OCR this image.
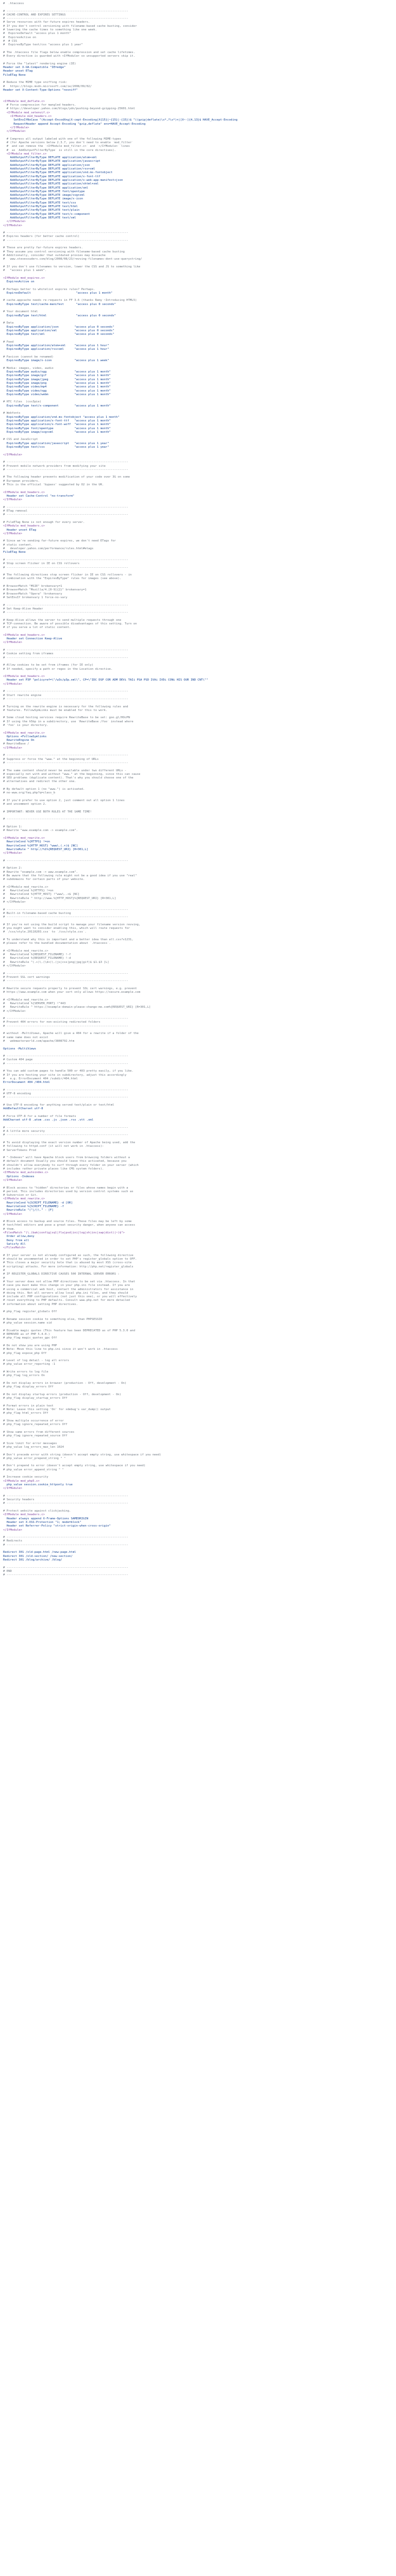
#  .htaccess
# ----------------------------------------------------------------------
# CACHE-CONTROL AND EXPIRES SETTINGS
# ----------------------------------------------------------------------
# Serve resources with far-future expires headers.
# If you don't control versioning with filename-based cache busting, consider
# lowering the cache times to something like one week.
#  ExpiresDefault "access plus 1 month"
#  ExpiresActive on
#  # CSS
#  ExpiresByType text/css "access plus 1 year"
# The .htaccess file flags below enable compression and set cache lifetimes.
# Every directive is guarded with <IfModule> so unsupported servers skip it.
# Force the "latest" rendering engine (IE)
Header set X-UA-Compatible "IE=edge"
Header unset ETag
FileETag None
# Reduce the MIME type sniffing risk:
#   https://blogs.msdn.microsoft.com/ie/2008/09/02/
Header set X-Content-Type-Options "nosniff"
<IfModule mod_deflate.c>
# Force compression for mangled headers.
# https://developer.yahoo.com/blogs/ydn/pushing-beyond-gzipping-25601.html
<IfModule mod_setenvif.c>
<IfModule mod_headers.c>
SetEnvIfNoCase ^(Accept-EncodXng|X-cept-Encoding|X{15}|~{15}|-{15})$ ^((gzip|deflate)\s*,?\s*)+|[X~-]{4,13}$ HAVE_Accept-Encoding
RequestHeader append Accept-Encoding "gzip,deflate" env=HAVE_Accept-Encoding
</IfModule>
</IfModule>
# Compress all output labeled with one of the following MIME-types
# (for Apache versions below 2.3.7, you don't need to enable `mod_filter`
#  and can remove the `<IfModule mod_filter.c>` and `</IfModule>` lines
#  as `AddOutputFilterByType` is still in the core directives).
<IfModule mod_filter.c>
AddOutputFilterByType DEFLATE application/atom+xml
AddOutputFilterByType DEFLATE application/javascript
AddOutputFilterByType DEFLATE application/json
AddOutputFilterByType DEFLATE application/rss+xml
AddOutputFilterByType DEFLATE application/vnd.ms-fontobject
AddOutputFilterByType DEFLATE application/x-font-ttf
AddOutputFilterByType DEFLATE application/x-web-app-manifest+json
AddOutputFilterByType DEFLATE application/xhtml+xml
AddOutputFilterByType DEFLATE application/xml
AddOutputFilterByType DEFLATE font/opentype
AddOutputFilterByType DEFLATE image/svg+xml
AddOutputFilterByType DEFLATE image/x-icon
AddOutputFilterByType DEFLATE text/css
AddOutputFilterByType DEFLATE text/html
AddOutputFilterByType DEFLATE text/plain
AddOutputFilterByType DEFLATE text/x-component
AddOutputFilterByType DEFLATE text/xml
</IfModule>
</IfModule>
# ----------------------------------------------------------------------
# Expires headers (for better cache control)
# ----------------------------------------------------------------------
# These are pretty far-future expires headers.
# They assume you control versioning with filename-based cache busting
# Additionally, consider that outdated proxies may miscache
#   www.stevesouders.com/blog/2008/08/23/revving-filenames-dont-use-querystring/
# If you don't use filenames to version, lower the CSS and JS to something like
#   "access plus 1 week".
<IfModule mod_expires.c>
ExpiresActive on
# Perhaps better to whitelist expires rules? Perhaps.
ExpiresDefault                          "access plus 1 month"
# cache.appcache needs re-requests in FF 3.6 (thanks Remy ~Introducing HTML5)
ExpiresByType text/cache-manifest       "access plus 0 seconds"
# Your document html
ExpiresByType text/html                 "access plus 0 seconds"
# Data
ExpiresByType application/json         "access plus 0 seconds"
ExpiresByType application/xml          "access plus 0 seconds"
ExpiresByType text/xml                 "access plus 0 seconds"
# Feed
ExpiresByType application/atom+xml     "access plus 1 hour"
ExpiresByType application/rss+xml      "access plus 1 hour"
# Favicon (cannot be renamed)
ExpiresByType image/x-icon             "access plus 1 week"
# Media: images, video, audio
ExpiresByType audio/ogg                "access plus 1 month"
ExpiresByType image/gif                "access plus 1 month"
ExpiresByType image/jpeg               "access plus 1 month"
ExpiresByType image/png                "access plus 1 month"
ExpiresByType video/mp4                "access plus 1 month"
ExpiresByType video/ogg                "access plus 1 month"
ExpiresByType video/webm               "access plus 1 month"
# HTC files  (css3pie)
ExpiresByType text/x-component         "access plus 1 month"
# Webfonts
ExpiresByType application/vnd.ms-fontobject "access plus 1 month"
ExpiresByType application/x-font-ttf   "access plus 1 month"
ExpiresByType application/x-font-woff  "access plus 1 month"
ExpiresByType font/opentype            "access plus 1 month"
ExpiresByType image/svg+xml            "access plus 1 month"
# CSS and JavaScript
ExpiresByType application/javascript   "access plus 1 year"
ExpiresByType text/css                 "access plus 1 year"
</IfModule>
# ----------------------------------------------------------------------
# Prevent mobile network providers from modifying your site
# ----------------------------------------------------------------------
# The following header prevents modification of your code over 3G on some
# European providers.
# This is the official 'bypass' suggested by O2 in the UK.
<IfModule mod_headers.c>
Header set Cache-Control "no-transform"
</IfModule>
# ----------------------------------------------------------------------
# ETag removal
# ----------------------------------------------------------------------
# FileETag None is not enough for every server.
<IfModule mod_headers.c>
Header unset ETag
</IfModule>
# Since we're sending far-future expires, we don't need ETags for
# static content.
#   developer.yahoo.com/performance/rules.html#etags
FileETag None
# ----------------------------------------------------------------------
# Stop screen flicker in IE on CSS rollovers
# ----------------------------------------------------------------------
# The following directives stop screen flicker in IE on CSS rollovers - in
# combination with the "ExpiresByType" rules for images (see above).
# BrowserMatch "MSIE" brokenvary=1
# BrowserMatch "Mozilla/4.[0-9]{2}" brokenvary=1
# BrowserMatch "Opera" !brokenvary
# SetEnvIf brokenvary 1 force-no-vary
# ----------------------------------------------------------------------
# Set Keep-Alive Header
# ----------------------------------------------------------------------
# Keep-Alive allows the server to send multiple requests through one
# TCP-connection. Be aware of possible disadvantages of this setting. Turn on
# if you serve a lot of static content.
<IfModule mod_headers.c>
Header set Connection Keep-Alive
</IfModule>
# ----------------------------------------------------------------------
# Cookie setting from iframes
# ----------------------------------------------------------------------
# Allow cookies to be set from iframes (for IE only)
# If needed, specify a path or regex in the Location directive.
<IfModule mod_headers.c>
Header set P3P "policyref=\"/w3c/p3p.xml\", CP=\"IDC DSP COR ADM DEVi TAIi PSA PSD IVAi IVDi CONi HIS OUR IND CNT\""
</IfModule>
# ----------------------------------------------------------------------
# Start rewrite engine
# ----------------------------------------------------------------------
# Turning on the rewrite engine is necessary for the following rules and
# features. FollowSymLinks must be enabled for this to work.
# Some cloud hosting services require RewriteBase to be set: goo.gl/HOcPN
# If using the h5bp in a subdirectory, use `RewriteBase /foo` instead where
# 'foo' is your directory.
<IfModule mod_rewrite.c>
Options +FollowSymlinks
RewriteEngine On
# RewriteBase /
</IfModule>
# ----------------------------------------------------------------------
# Suppress or force the "www." at the beginning of URLs
# ----------------------------------------------------------------------
# The same content should never be available under two different URLs -
# especially not with and without "www." at the beginning, since this can cause
# SEO problems (duplicate content). That's why you should choose one of the
# alternatives and redirect the other one.
# By default option 1 (no "www.") is activated.
# no-www.org/faq.php?q=class_b
# If you'd prefer to use option 2, just comment out all option 1 lines
# and uncomment option 2.
# IMPORTANT: NEVER USE BOTH RULES AT THE SAME TIME!
# ----------------------------------------------------------------------
# Option 1:
# Rewrite "www.example.com -> example.com".
<IfModule mod_rewrite.c>
RewriteCond %{HTTPS} !=on
RewriteCond %{HTTP_HOST} ^www\.(.+)$ [NC]
RewriteRule ^ http://%1%{REQUEST_URI} [R=301,L]
</IfModule>
# ----------------------------------------------------------------------
# Option 2:
# Rewrite "example.com -> www.example.com".
# Be aware that the following rule might not be a good idea if you use "real"
# subdomains for certain parts of your website.
# <IfModule mod_rewrite.c>
#   RewriteCond %{HTTPS} !=on
#   RewriteCond %{HTTP_HOST} !^www\..+$ [NC]
#   RewriteRule ^ http://www.%{HTTP_HOST}%{REQUEST_URI} [R=301,L]
# </IfModule>
# ----------------------------------------------------------------------
# Built-in filename-based cache busting
# ----------------------------------------------------------------------
# If you're not using the build script to manage your filename version revving,
# you might want to consider enabling this, which will route requests for
# `/css/style.20110203.css` to `/css/style.css`.
# To understand why this is important and a better idea than all.css?v1231,
# please refer to the bundled documentation about `.htaccess`.
# <IfModule mod_rewrite.c>
#   RewriteCond %{REQUEST_FILENAME} !-f
#   RewriteCond %{REQUEST_FILENAME} !-d
#   RewriteRule ^(.+)\.(\d+)\.(js|css|png|jpg|gif)$ $1.$3 [L]
# </IfModule>
# ----------------------------------------------------------------------
# Prevent SSL cert warnings
# ----------------------------------------------------------------------
# Rewrite secure requests properly to prevent SSL cert warnings, e.g. prevent
# https://www.example.com when your cert only allows https://secure.example.com
# <IfModule mod_rewrite.c>
#   RewriteCond %{SERVER_PORT} !^443
#   RewriteRule ^ https://example-domain-please-change-me.com%{REQUEST_URI} [R=301,L]
# </IfModule>
# ----------------------------------------------------------------------
# Prevent 404 errors for non-existing redirected folders
# ----------------------------------------------------------------------
# without -MultiViews, Apache will give a 404 for a rewrite if a folder of the
# same name does not exist
#   webmasterworld.com/apache/3808792.htm
Options -MultiViews
# ----------------------------------------------------------------------
# Custom 404 page
# ----------------------------------------------------------------------
# You can add custom pages to handle 500 or 403 pretty easily, if you like.
# If you are hosting your site in subdirectory, adjust this accordingly
#   e.g. ErrorDocument 404 /subdir/404.html
ErrorDocument 404 /404.html
# ----------------------------------------------------------------------
# UTF-8 encoding
# ----------------------------------------------------------------------
# Use UTF-8 encoding for anything served text/plain or text/html
AddDefaultCharset utf-8
# Force UTF-8 for a number of file formats
AddCharset utf-8 .atom .css .js .json .rss .vtt .xml
# ----------------------------------------------------------------------
# A little more security
# ----------------------------------------------------------------------
# To avoid displaying the exact version number of Apache being used, add the
# following to httpd.conf (it will not work in .htaccess):
# ServerTokens Prod
# "-Indexes" will have Apache block users from browsing folders without a
# default document Usually you should leave this activated, because you
# shouldn't allow everybody to surf through every folder on your server (which
# includes rather private places like CMS system folders).
<IfModule mod_autoindex.c>
Options -Indexes
</IfModule>
# Block access to "hidden" directories or files whose names begin with a
# period. This includes directories used by version control systems such as
# Subversion or Git.
<IfModule mod_rewrite.c>
RewriteCond %{SCRIPT_FILENAME} -d [OR]
RewriteCond %{SCRIPT_FILENAME} -f
RewriteRule "(^|/)\." - [F]
</IfModule>
# Block access to backup and source files. These files may be left by some
# text/html editors and pose a great security danger, when anyone can access
# them.
<FilesMatch "(\.(bak|config|sql|fla|psd|ini|log|sh|inc|swp|dist)|~)$">
Order allow,deny
Deny from all
Satisfy All
</FilesMatch>
# If your server is not already configured as such, the following directive
# should be uncommented in order to set PHP's register_globals option to OFF.
# This closes a major security hole that is abused by most XSS (cross-site
# scripting) attacks. For more information: http://php.net/register_globals
#
# IF REGISTER_GLOBALS DIRECTIVE CAUSES 500 INTERNAL SERVER ERRORS :
#
# Your server does not allow PHP directives to be set via .htaccess. In that
# case you must make this change in your php.ini file instead. If you are
# using a commercial web host, contact the administrators for assistance in
# doing this. Not all servers allow local php.ini files, and they should
# include all PHP configurations (not just this one), or you will effectively
# reset everything to PHP defaults. Consult www.php.net for more detailed
# information about setting PHP directives.
# php_flag register_globals Off
# Rename session cookie to something else, than PHPSESSID
# php_value session.name sid
# Disable magic quotes (This feature has been DEPRECATED as of PHP 5.3.0 and
# REMOVED as of PHP 5.4.0.)
# php_flag magic_quotes_gpc Off
# Do not show you are using PHP
# Note: Move this line to php.ini since it won't work in .htaccess
# php_flag expose_php Off
# Level of log detail - log all errors
# php_value error_reporting -1
# Write errors to log file
# php_flag log_errors On
# Do not display errors in browser (production - Off, development - On)
# php_flag display_errors Off
# Do not display startup errors (production - Off, development - On)
# php_flag display_startup_errors Off
# Format errors in plain text
# Note: Leave this setting 'On' for xdebug's var_dump() output
# php_flag html_errors Off
# Show multiple occurrence of error
# php_flag ignore_repeated_errors Off
# Show same errors from different sources
# php_flag ignore_repeated_source Off
# Size limit for error messages
# php_value log_errors_max_len 1024
# Don't precede error with string (doesn't accept empty string, use whitespace if you need)
# php_value error_prepend_string " "
# Don't prepend to error (doesn't accept empty string, use whitespace if you need)
# php_value error_append_string " "
# Increase cookie security
<IfModule mod_php5.c>
php_value session.cookie_httponly true
</IfModule>
# ----------------------------------------------------------------------
# Security headers
# ----------------------------------------------------------------------
# Protect website against clickjacking.
<IfModule mod_headers.c>
Header always append X-Frame-Options SAMEORIGIN
Header set X-XSS-Protection "1; mode=block"
Header set Referrer-Policy "strict-origin-when-cross-origin"
</IfModule>
# ----------------------------------------------------------------------
# Redirects
# ----------------------------------------------------------------------
Redirect 301 /old-page.html /new-page.html
Redirect 301 /old-section/ /new-section/
Redirect 301 /blog/archive/ /blog/
# ----------------------------------------------------------------------
# END
# ----------------------------------------------------------------------
